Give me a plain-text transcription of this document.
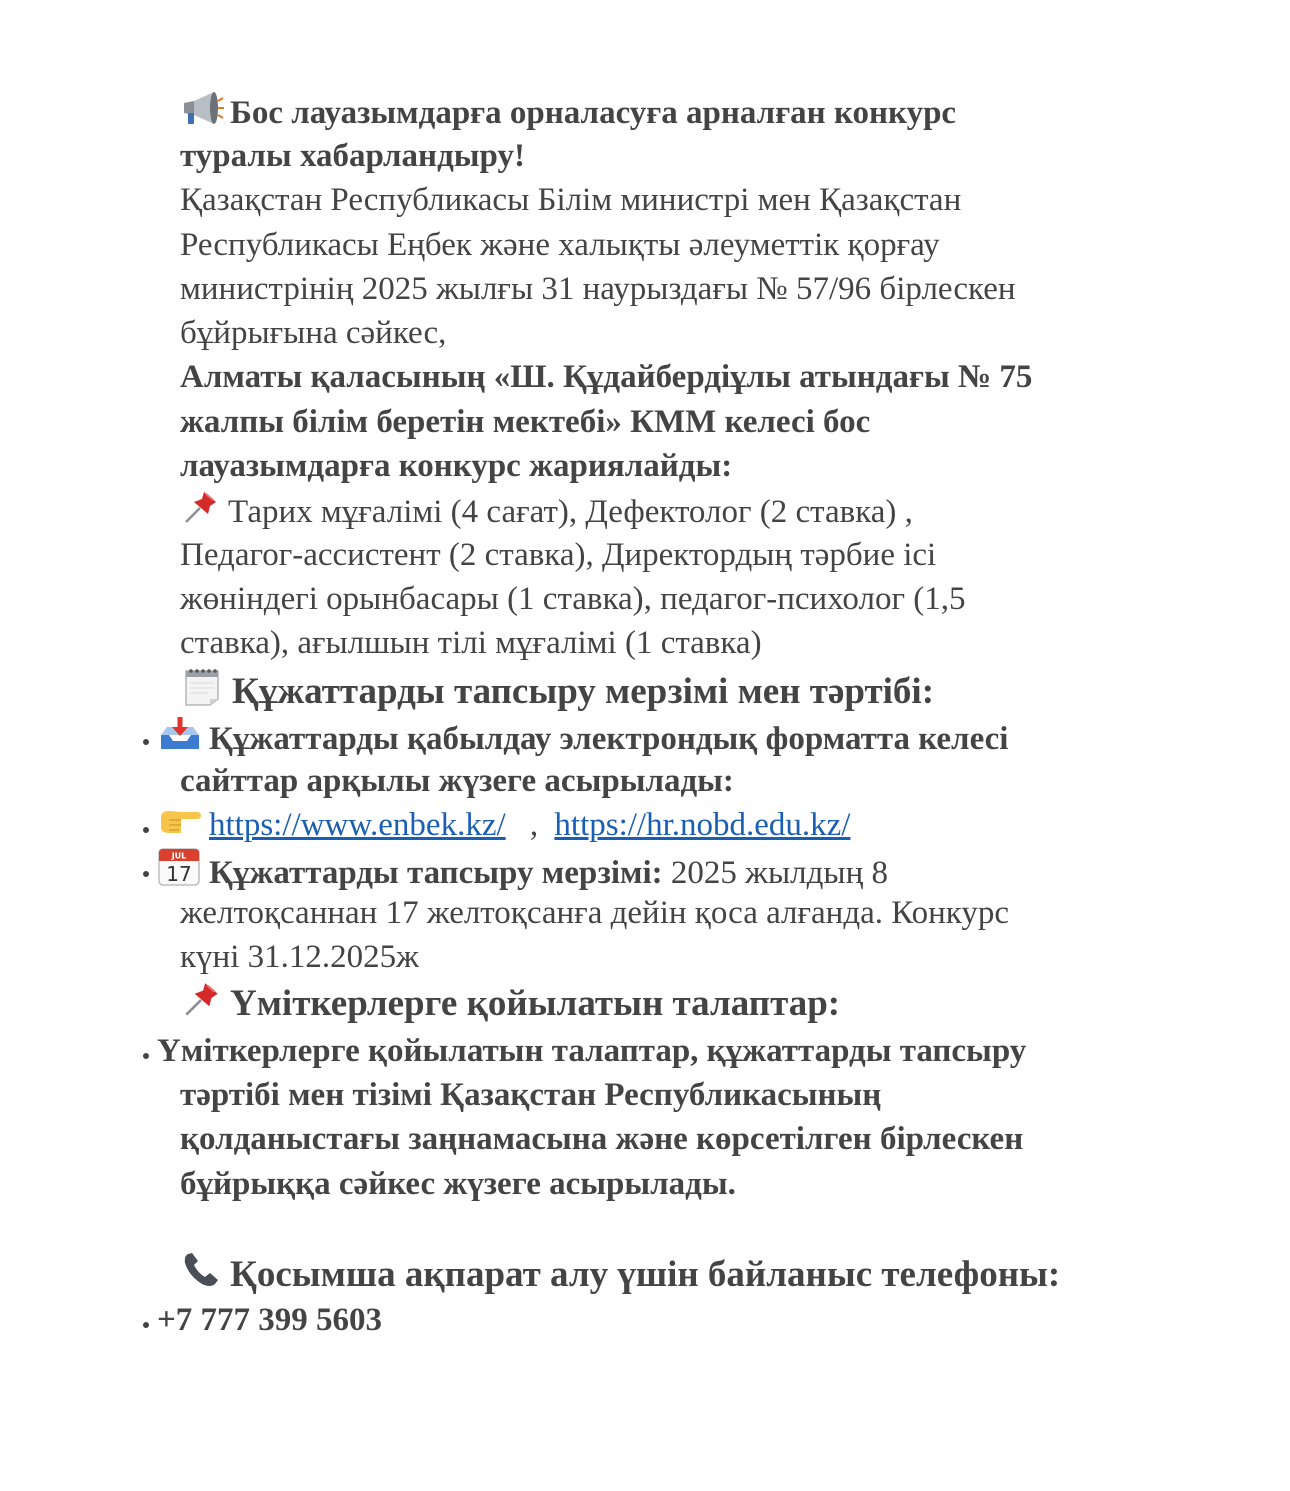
Бос лауазымдарға орналасуға арналған конкурс
туралы хабарландыру!
Қазақстан Республикасы Білім министрі мен Қазақстан
Республикасы Еңбек және халықты әлеуметтік қорғау
министрінің 2025 жылғы 31 наурыздағы № 57/96 бірлескен
бұйрығына сәйкес,
Алматы қаласының «Ш. Құдайбердіұлы атындағы № 75
жалпы білім беретін мектебі» КММ келесі бос
лауазымдарға конкурс жариялайды:
Тарих мұғалімі (4 сағат), Дефектолог (2 ставка) ,
Педагог-ассистент (2 ставка), Директордың тәрбие ісі
жөніндегі орынбасары (1 ставка), педагог-психолог (1,5
ставка), ағылшын тілі мұғалімі (1 ставка)
Құжаттарды тапсыру мерзімі мен тәртібі:
Құжаттарды қабылдау электрондық форматта келесі
сайттар арқылы жүзеге асырылады:
https://www.enbek.kz/ , https://hr.nobd.edu.kz/
JUL
17 Құжаттарды тапсыру мерзімі: 2025 жылдың 8
желтоқсаннан 17 желтоқсанға дейін қоса алғанда. Конкурс
күні 31.12.2025ж
Үміткерлерге қойылатын талаптар:
Үміткерлерге қойылатын талаптар, құжаттарды тапсыру
тәртібі мен тізімі Қазақстан Республикасының
қолданыстағы заңнамасына және көрсетілген бірлескен
бұйрыққа сәйкес жүзеге асырылады.
Қосымша ақпарат алу үшін байланыс телефоны:
+7 777 399 5603
